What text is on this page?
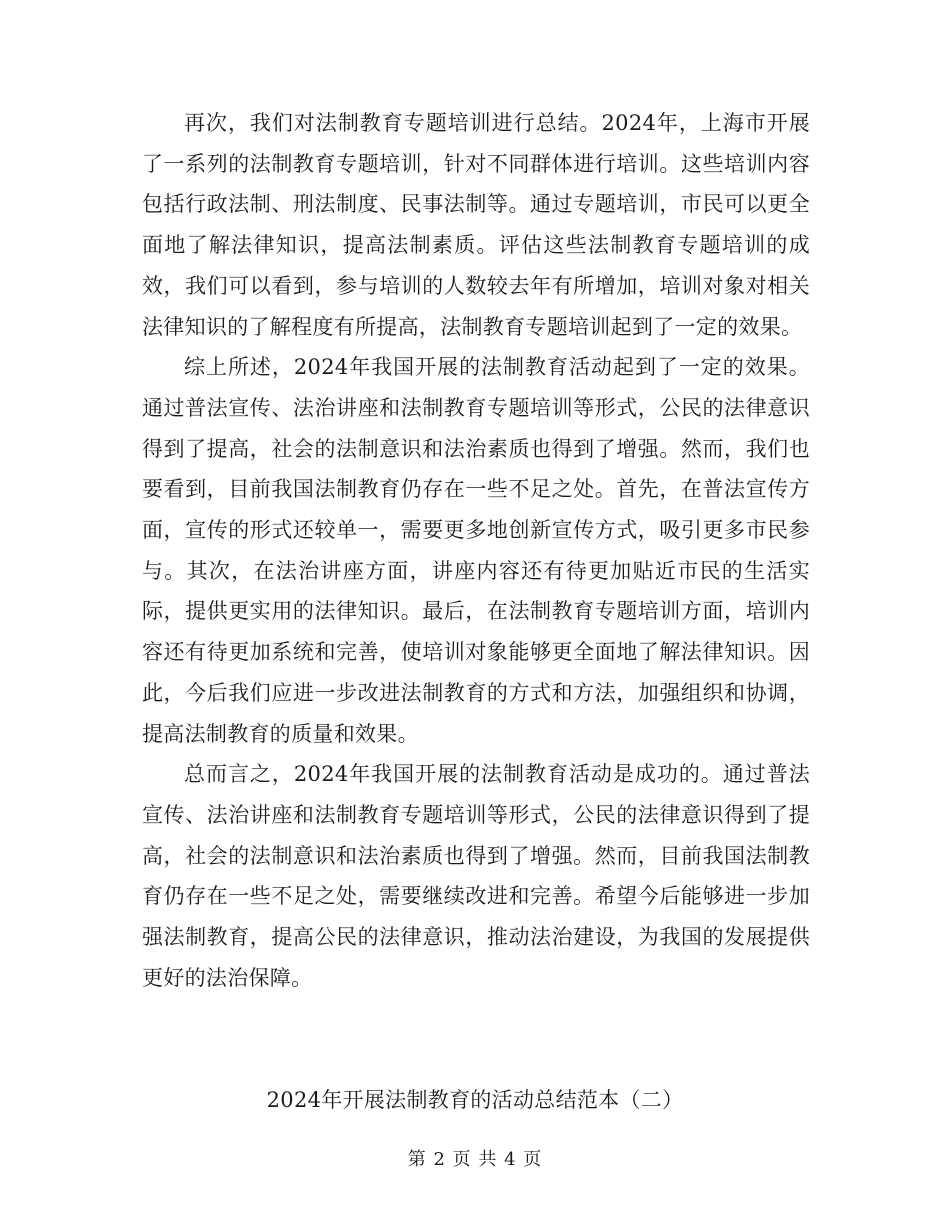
再次，我们对法制教育专题培训进行总结。2024年，上海市开展了一系列的法制教育专题培训，针对不同群体进行培训。这些培训内容包括行政法制、刑法制度、民事法制等。通过专题培训，市民可以更全面地了解法律知识，提高法制素质。评估这些法制教育专题培训的成效，我们可以看到，参与培训的人数较去年有所增加，培训对象对相关法律知识的了解程度有所提高，法制教育专题培训起到了一定的效果。

综上所述，2024年我国开展的法制教育活动起到了一定的效果。通过普法宣传、法治讲座和法制教育专题培训等形式，公民的法律意识得到了提高，社会的法制意识和法治素质也得到了增强。然而，我们也要看到，目前我国法制教育仍存在一些不足之处。首先，在普法宣传方面，宣传的形式还较单一，需要更多地创新宣传方式，吸引更多市民参与。其次，在法治讲座方面，讲座内容还有待更加贴近市民的生活实际，提供更实用的法律知识。最后，在法制教育专题培训方面，培训内容还有待更加系统和完善，使培训对象能够更全面地了解法律知识。因此，今后我们应进一步改进法制教育的方式和方法，加强组织和协调，提高法制教育的质量和效果。

总而言之，2024年我国开展的法制教育活动是成功的。通过普法宣传、法治讲座和法制教育专题培训等形式，公民的法律意识得到了提高，社会的法制意识和法治素质也得到了增强。然而，目前我国法制教育仍存在一些不足之处，需要继续改进和完善。希望今后能够进一步加强法制教育，提高公民的法律意识，推动法治建设，为我国的发展提供更好的法治保障。

2024年开展法制教育的活动总结范本（二）
第 2 页 共 4 页
